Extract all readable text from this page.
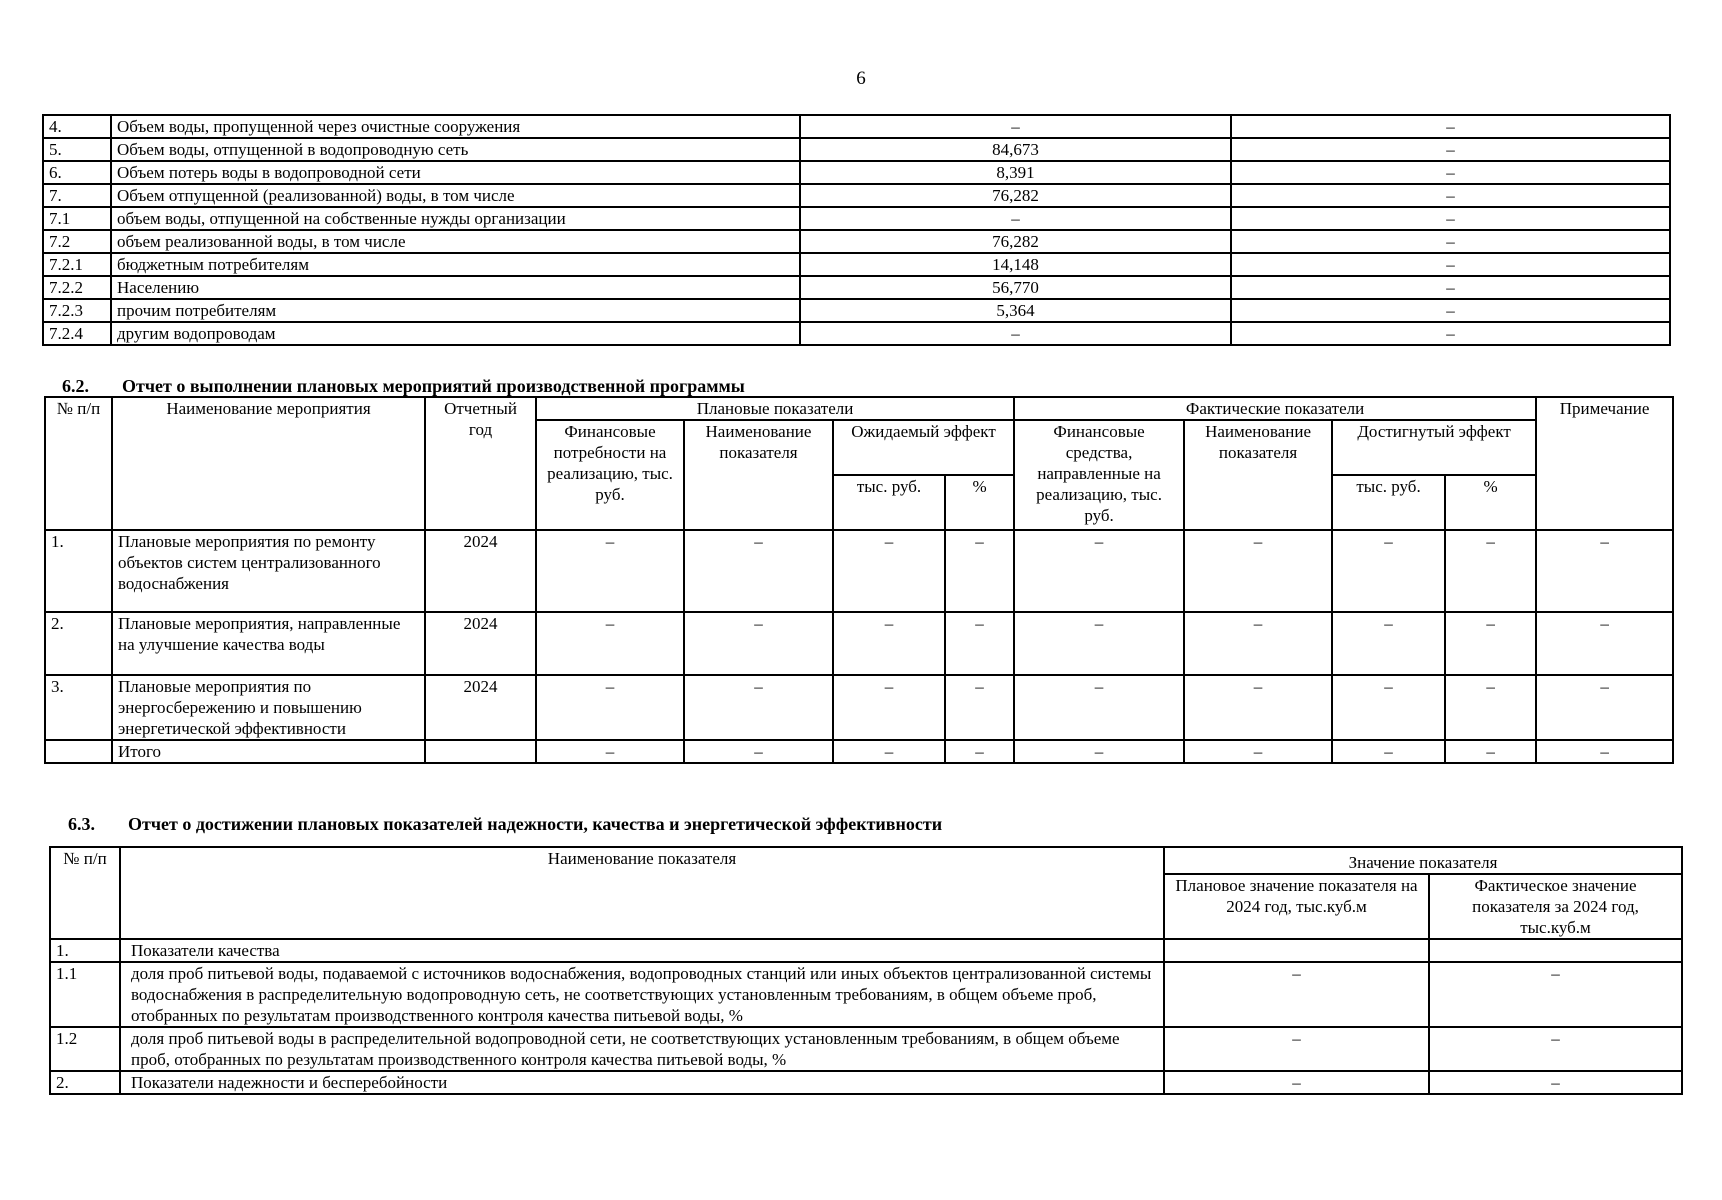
6
4.	Объем воды, пропущенной через очистные сооружения	–	–
5.	Объем воды, отпущенной в водопроводную сеть	84,673	–
6.	Объем потерь воды в водопроводной сети	8,391	–
7.	Объем отпущенной (реализованной) воды, в том числе	76,282	–
7.1	объем воды, отпущенной на собственные нужды организации	–	–
7.2	объем реализованной воды, в том числе	76,282	–
7.2.1	бюджетным потребителям	14,148	–
7.2.2	Населению	56,770	–
7.2.3	прочим потребителям	5,364	–
7.2.4	другим водопроводам	–	–
6.2. Отчет о выполнении плановых мероприятий производственной программы
№ п/п	Наименование мероприятия	Отчетный год	Плановые показатели				Фактические показатели				Примечание
			Финансовые потребности на реализацию, тыс. руб.	Наименование показателя	Ожидаемый эффект		Финансовые средства, направленные на реализацию, тыс. руб.	Наименование показателя	Достигнутый эффект		
					тыс. руб.	%			тыс. руб.	%	
1.	Плановые мероприятия по ремонту объектов систем централизованного водоснабжения	2024	–	–	–	–	–	–	–	–	–
2.	Плановые мероприятия, направленные на улучшение качества воды	2024	–	–	–	–	–	–	–	–	–
3.	Плановые мероприятия по энергосбережению и повышению энергетической эффективности	2024	–	–	–	–	–	–	–	–	–
	Итого		–	–	–	–	–	–	–	–	–
6.3. Отчет о достижении плановых показателей надежности, качества и энергетической эффективности
№ п/п	Наименование показателя	Значение показателя	
		Плановое значение показателя на 2024 год, тыс.куб.м	Фактическое значение показателя за 2024 год, тыс.куб.м
1.	Показатели качества		
1.1	доля проб питьевой воды, подаваемой с источников водоснабжения, водопроводных станций или иных объектов централизованной системы водоснабжения в распределительную водопроводную сеть, не соответствующих установленным требованиям, в общем объеме проб, отобранных по результатам производственного контроля качества питьевой воды, %	–	–
1.2	доля проб питьевой воды в распределительной водопроводной сети, не соответствующих установленным требованиям, в общем объеме проб, отобранных по результатам производственного контроля качества питьевой воды, %	–	–
2.	Показатели надежности и бесперебойности	–	–
